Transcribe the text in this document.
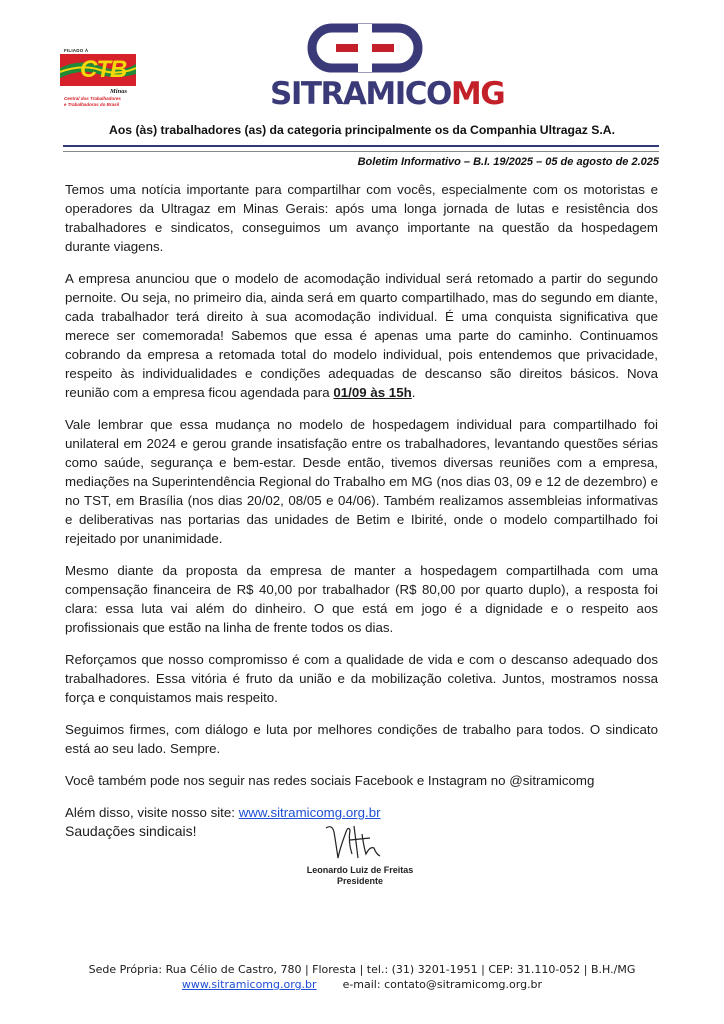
FILIADO À
CTB
Minas
Central dos Trabalhadores
e Trabalhadoras do Brasil	SITRAMICOMG
Aos (às) trabalhadores (as) da categoria principalmente os da Companhia Ultragaz S.A.
Boletim Informativo – B.I. 19/2025 – 05 de agosto de 2.025

Temos uma notícia importante para compartilhar com vocês, especialmente com os motoristas e operadores da Ultragaz em Minas Gerais: após uma longa jornada de lutas e resistência dos trabalhadores e sindicatos, conseguimos um avanço importante na questão da hospedagem durante viagens.

A empresa anunciou que o modelo de acomodação individual será retomado a partir do segundo pernoite. Ou seja, no primeiro dia, ainda será em quarto compartilhado, mas do segundo em diante, cada trabalhador terá direito à sua acomodação individual. É uma conquista significativa que merece ser comemorada! Sabemos que essa é apenas uma parte do caminho. Continuamos cobrando da empresa a retomada total do modelo individual, pois entendemos que privacidade, respeito às individualidades e condições adequadas de descanso são direitos básicos. Nova reunião com a empresa ficou agendada para 01/09 às 15h.

Vale lembrar que essa mudança no modelo de hospedagem individual para compartilhado foi unilateral em 2024 e gerou grande insatisfação entre os trabalhadores, levantando questões sérias como saúde, segurança e bem-estar. Desde então, tivemos diversas reuniões com a empresa, mediações na Superintendência Regional do Trabalho em MG (nos dias 03, 09 e 12 de dezembro) e no TST, em Brasília (nos dias 20/02, 08/05 e 04/06). Também realizamos assembleias informativas e deliberativas nas portarias das unidades de Betim e Ibirité, onde o modelo compartilhado foi rejeitado por unanimidade.

Mesmo diante da proposta da empresa de manter a hospedagem compartilhada com uma compensação financeira de R$ 40,00 por trabalhador (R$ 80,00 por quarto duplo), a resposta foi clara: essa luta vai além do dinheiro. O que está em jogo é a dignidade e o respeito aos profissionais que estão na linha de frente todos os dias.

Reforçamos que nosso compromisso é com a qualidade de vida e com o descanso adequado dos trabalhadores. Essa vitória é fruto da união e da mobilização coletiva. Juntos, mostramos nossa força e conquistamos mais respeito.

Seguimos firmes, com diálogo e luta por melhores condições de trabalho para todos. O sindicato está ao seu lado. Sempre.

Você também pode nos seguir nas redes sociais Facebook e Instagram no @sitramicomg

Além disso, visite nosso site: www.sitramicomg.org.br

Saudações sindicais!

Leonardo Luiz de Freitas
Presidente
Sede Própria: Rua Célio de Castro, 780 | Floresta | tel.: (31) 3201-1951 | CEP: 31.110-052 | B.H./MG
www.sitramicomg.org.br e-mail: contato@sitramicomg.org.br
